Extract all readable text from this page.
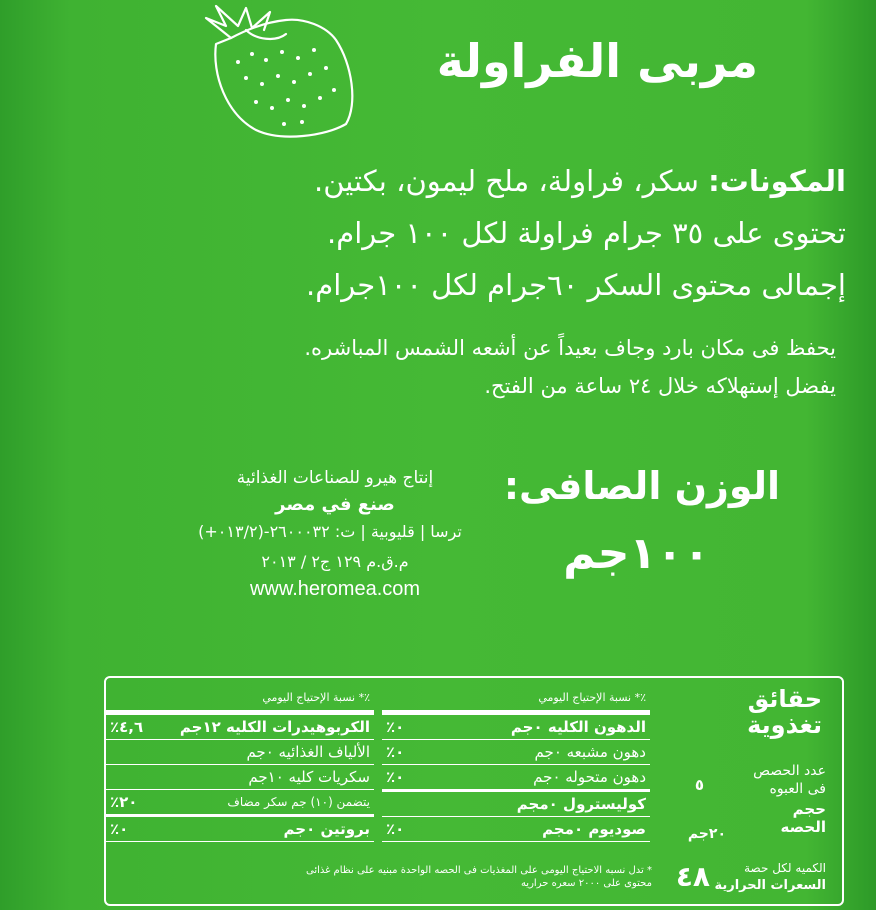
مربى الفراولة
المكونات: سكر، فراولة، ملح ليمون، بكتين.
تحتوى على ٣٥ جرام فراولة لكل ١٠٠ جرام.
إجمالى محتوى السكر ٦٠جرام لكل ١٠٠جرام.
يحفظ فى مكان بارد وجاف بعيداً عن أشعه الشمس المباشره.
يفضل إستهلاكه خلال ٢٤ ساعة من الفتح.
الوزن الصافى:
١٠٠جم
إنتاج هيرو للصناعات الغذائية
صنع في مصر
ترسا | قليوبية | ت: ٢٦٠٠٠٣٢-(٠١٣/٢+)
م.ق.م ١٢٩ ج٢ / ٢٠١٣
www.heromea.com
حقائق
تغذوية
عدد الحصص
فى العبوه
٥
حجم
الحصه
٢٠جم
الكميه لكل حصة
السعرات الحرارية
٤٨
٪* نسبة الإحتياج اليومي
الدهون الكليه ٠جم
٠٪
دهون مشبعه ٠جم
٠٪
دهون متحوله ٠جم
٠٪
كوليسترول ٠مجم
صوديوم ٠مجم
٠٪
٪* نسبة الإحتياج اليومي
الكربوهيدرات الكليه ١٢جم
٤,٦٪
الألياف الغذائيه ٠جم
سكريات كليه ١٠جم
يتضمن (١٠) جم سكر مضاف
٢٠٪
بروتين ٠جم
٠٪
* تدل نسبه الاحتياج اليومى على المغذيات فى الحصه الواحدة مبنيه على نظام غذائى
محتوى على ٢٠٠٠ سعره حراريه
